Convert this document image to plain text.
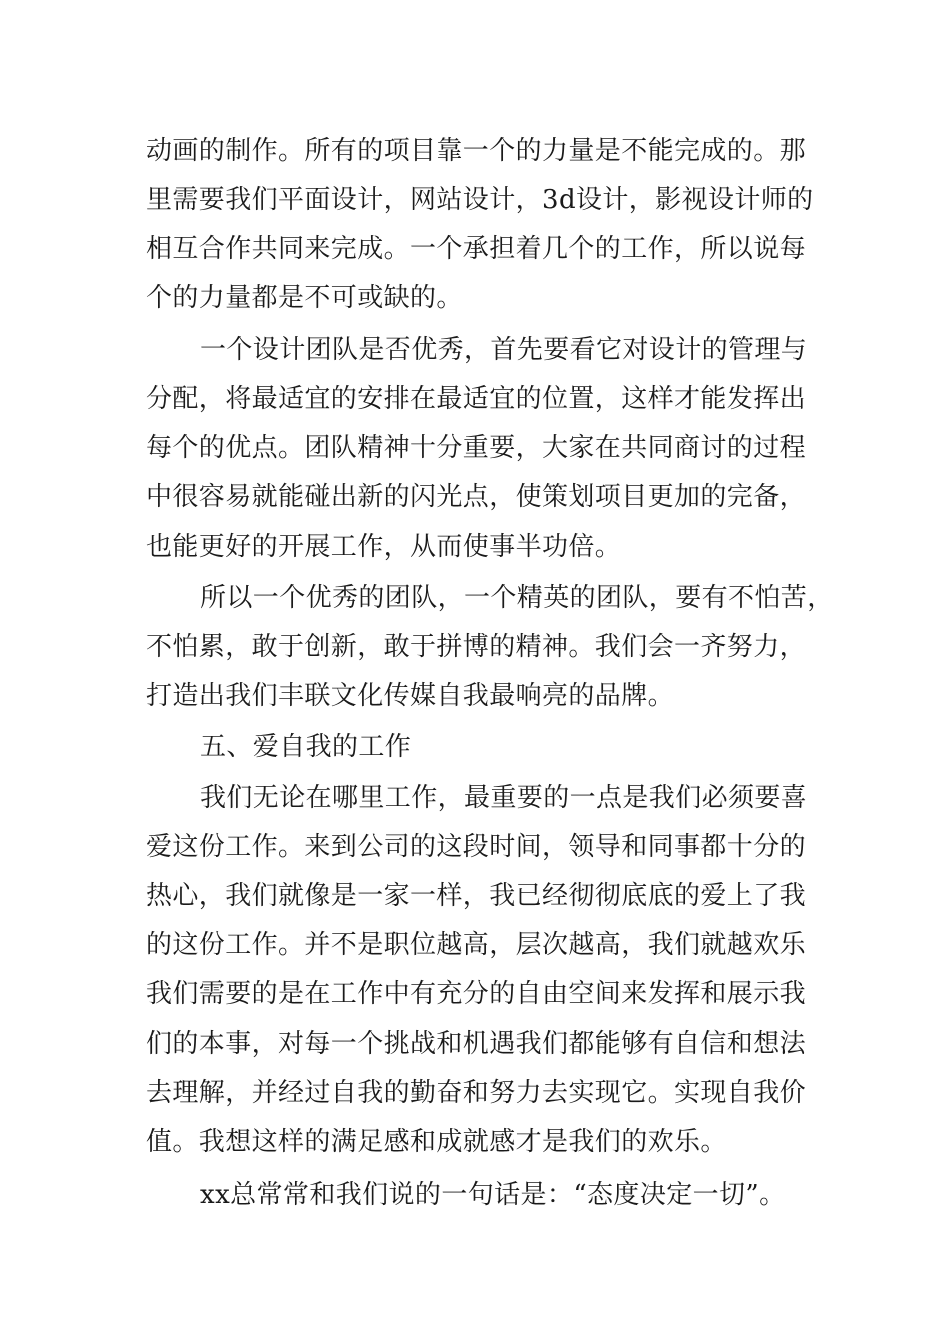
动画的制作。所有的项目靠一个的力量是不能完成的。那
里需要我们平面设计，网站设计，3d设计，影视设计师的
相互合作共同来完成。一个承担着几个的工作，所以说每
个的力量都是不可或缺的。
一个设计团队是否优秀，首先要看它对设计的管理与
分配，将最适宜的安排在最适宜的位置，这样才能发挥出
每个的优点。团队精神十分重要，大家在共同商讨的过程
中很容易就能碰出新的闪光点，使策划项目更加的完备，
也能更好的开展工作，从而使事半功倍。
所以一个优秀的团队，一个精英的团队，要有不怕苦，
不怕累，敢于创新，敢于拼博的精神。我们会一齐努力，
打造出我们丰联文化传媒自我最响亮的品牌。
五、爱自我的工作
我们无论在哪里工作，最重要的一点是我们必须要喜
爱这份工作。来到公司的这段时间，领导和同事都十分的
热心，我们就像是一家一样，我已经彻彻底底的爱上了我
的这份工作。并不是职位越高，层次越高，我们就越欢乐
我们需要的是在工作中有充分的自由空间来发挥和展示我
们的本事，对每一个挑战和机遇我们都能够有自信和想法
去理解，并经过自我的勤奋和努力去实现它。实现自我价
值。我想这样的满足感和成就感才是我们的欢乐。
xx总常常和我们说的一句话是：“态度决定一切”。
